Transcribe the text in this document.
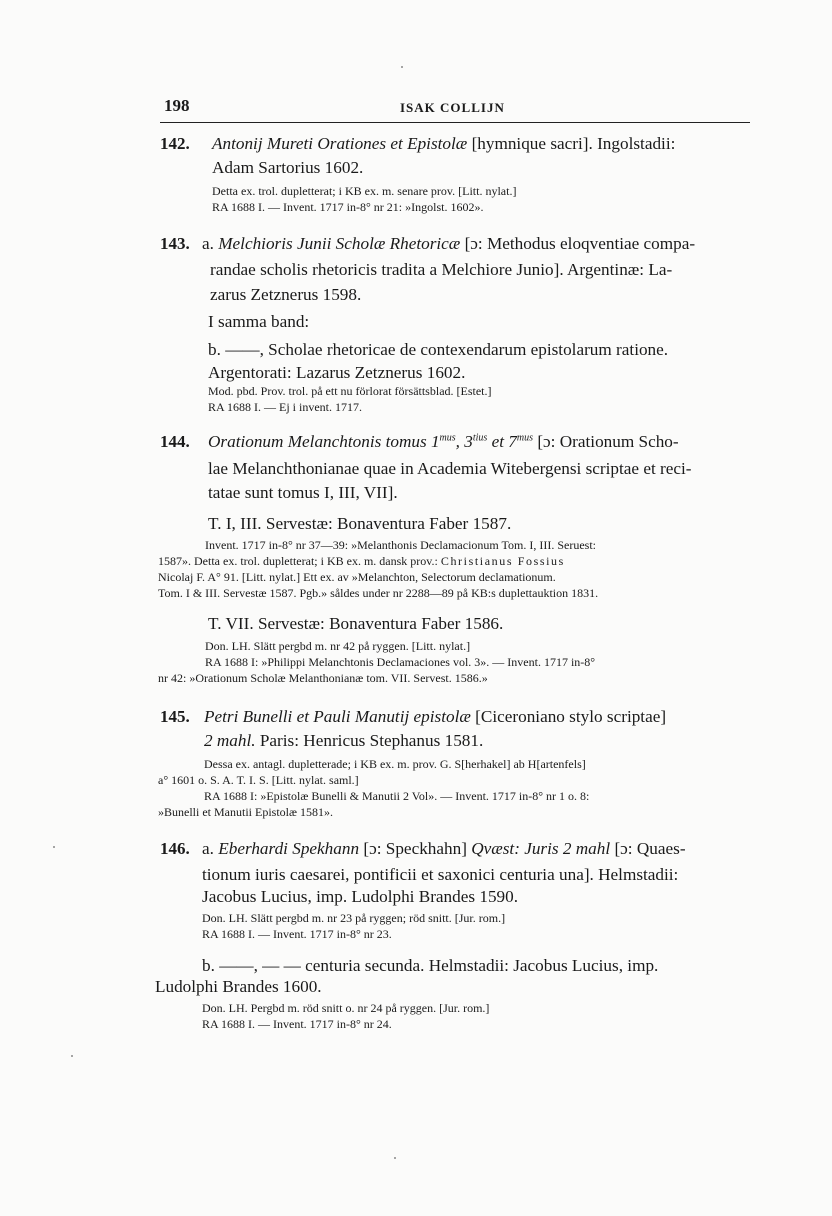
198	ISAK COLLIJN
142. Antonij Mureti Orationes et Epistolæ [hymnique sacri]. Ingolstadii:
Adam Sartorius 1602.
Detta ex. trol. dupletterat; i KB ex. m. senare prov. [Litt. nylat.]
RA 1688 I. — Invent. 1717 in-8° nr 21: »Ingolst. 1602».
143. a. Melchioris Junii Scholæ Rhetoricæ [ɔ: Methodus eloqventiae compa-
randae scholis rhetoricis tradita a Melchiore Junio]. Argentinæ: La-
zarus Zetznerus 1598.
I samma band:
b. ——, Scholae rhetoricae de contexendarum epistolarum ratione.
Argentorati: Lazarus Zetznerus 1602.
Mod. pbd. Prov. trol. på ett nu förlorat försättsblad. [Estet.]
RA 1688 I. — Ej i invent. 1717.
144. Orationum Melanchtonis tomus $1^{mus}$, $3^{tius}$ et $7^{mus}$ [ɔ: Orationum Scho-
lae Melanchthonianae quae in Academia Witebergensi scriptae et reci-
tatae sunt tomus I, III, VII].
T. I, III. Servestæ: Bonaventura Faber 1587.
Invent. 1717 in-8° nr 37—39: »Melanthonis Declamacionum Tom. I, III. Seruest:
1587». Detta ex. trol. dupletterat; i KB ex. m. dansk prov.: Christianus Fossius
Nicolaj F. A° 91. [Litt. nylat.] Ett ex. av »Melanchton, Selectorum declamationum.
Tom. I & III. Servestæ 1587. Pgb.» såldes under nr 2288—89 på KB:s duplettauktion 1831.
T. VII. Servestæ: Bonaventura Faber 1586.
Don. LH. Slätt pergbd m. nr 42 på ryggen. [Litt. nylat.]
RA 1688 I: »Philippi Melanchtonis Declamaciones vol. 3». — Invent. 1717 in-8°
nr 42: »Orationum Scholæ Melanthonianæ tom. VII. Servest. 1586.»
145. Petri Bunelli et Pauli Manutij epistolæ [Ciceroniano stylo scriptae]
2 mahl. Paris: Henricus Stephanus 1581.
Dessa ex. antagl. dupletterade; i KB ex. m. prov. G. S[herhakel] ab H[artenfels]
a° 1601 o. S. A. T. I. S. [Litt. nylat. saml.]
RA 1688 I: »Epistolæ Bunelli & Manutii 2 Vol». — Invent. 1717 in-8° nr 1 o. 8:
»Bunelli et Manutii Epistolæ 1581».
146. a. Eberhardi Spekhann [ɔ: Speckhahn] Qvæst: Juris 2 mahl [ɔ: Quaes-
tionum iuris caesarei, pontificii et saxonici centuria una]. Helmstadii:
Jacobus Lucius, imp. Ludolphi Brandes 1590.
Don. LH. Slätt pergbd m. nr 23 på ryggen; röd snitt. [Jur. rom.]
RA 1688 I. — Invent. 1717 in-8° nr 23.
b. ——, — — centuria secunda. Helmstadii: Jacobus Lucius, imp.
Ludolphi Brandes 1600.
Don. LH. Pergbd m. röd snitt o. nr 24 på ryggen. [Jur. rom.]
RA 1688 I. — Invent. 1717 in-8° nr 24.
